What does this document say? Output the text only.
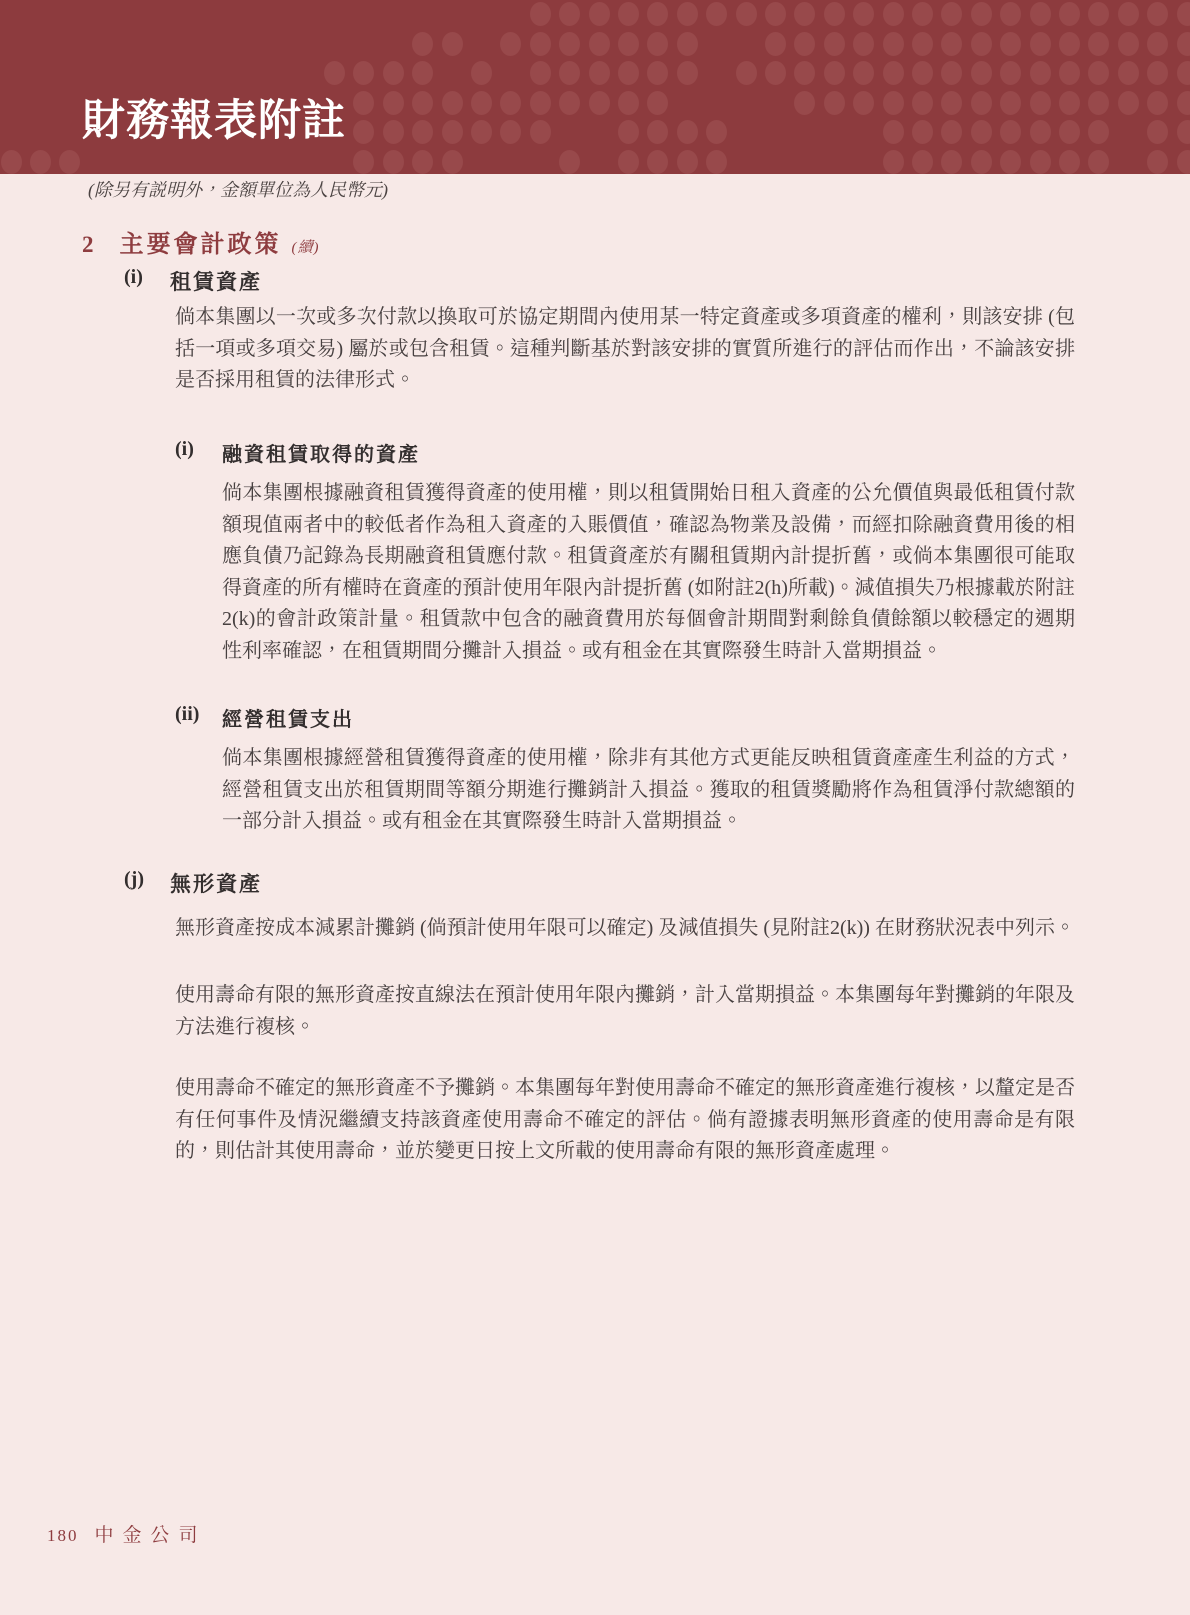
財務報表附註

(除另有説明外，金額單位為人民幣元)

2 主要會計政策 (續)
(i) 租賃資產

倘本集團以一次或多次付款以換取可於協定期間內使用某一特定資產或多項資產的權利，則該安排 (包括一項或多項交易) 屬於或包含租賃。這種判斷基於對該安排的實質所進行的評估而作出，不論該安排是否採用租賃的法律形式。

(i) 融資租賃取得的資產

倘本集團根據融資租賃獲得資產的使用權，則以租賃開始日租入資產的公允價值與最低租賃付款額現值兩者中的較低者作為租入資產的入賬價值，確認為物業及設備，而經扣除融資費用後的相應負債乃記錄為長期融資租賃應付款。租賃資產於有關租賃期內計提折舊，或倘本集團很可能取得資產的所有權時在資產的預計使用年限內計提折舊 (如附註2(h)所載)。減值損失乃根據載於附註2(k)的會計政策計量。租賃款中包含的融資費用於每個會計期間對剩餘負債餘額以較穩定的週期性利率確認，在租賃期間分攤計入損益。或有租金在其實際發生時計入當期損益。

(ii) 經營租賃支出

倘本集團根據經營租賃獲得資產的使用權，除非有其他方式更能反映租賃資產產生利益的方式，經營租賃支出於租賃期間等額分期進行攤銷計入損益。獲取的租賃獎勵將作為租賃淨付款總額的一部分計入損益。或有租金在其實際發生時計入當期損益。

(j) 無形資產

無形資產按成本減累計攤銷 (倘預計使用年限可以確定) 及減值損失 (見附註2(k)) 在財務狀況表中列示。

使用壽命有限的無形資產按直線法在預計使用年限內攤銷，計入當期損益。本集團每年對攤銷的年限及方法進行複核。

使用壽命不確定的無形資產不予攤銷。本集團每年對使用壽命不確定的無形資產進行複核，以釐定是否有任何事件及情況繼續支持該資產使用壽命不確定的評估。倘有證據表明無形資產的使用壽命是有限的，則估計其使用壽命，並於變更日按上文所載的使用壽命有限的無形資產處理。

180 中金公司
